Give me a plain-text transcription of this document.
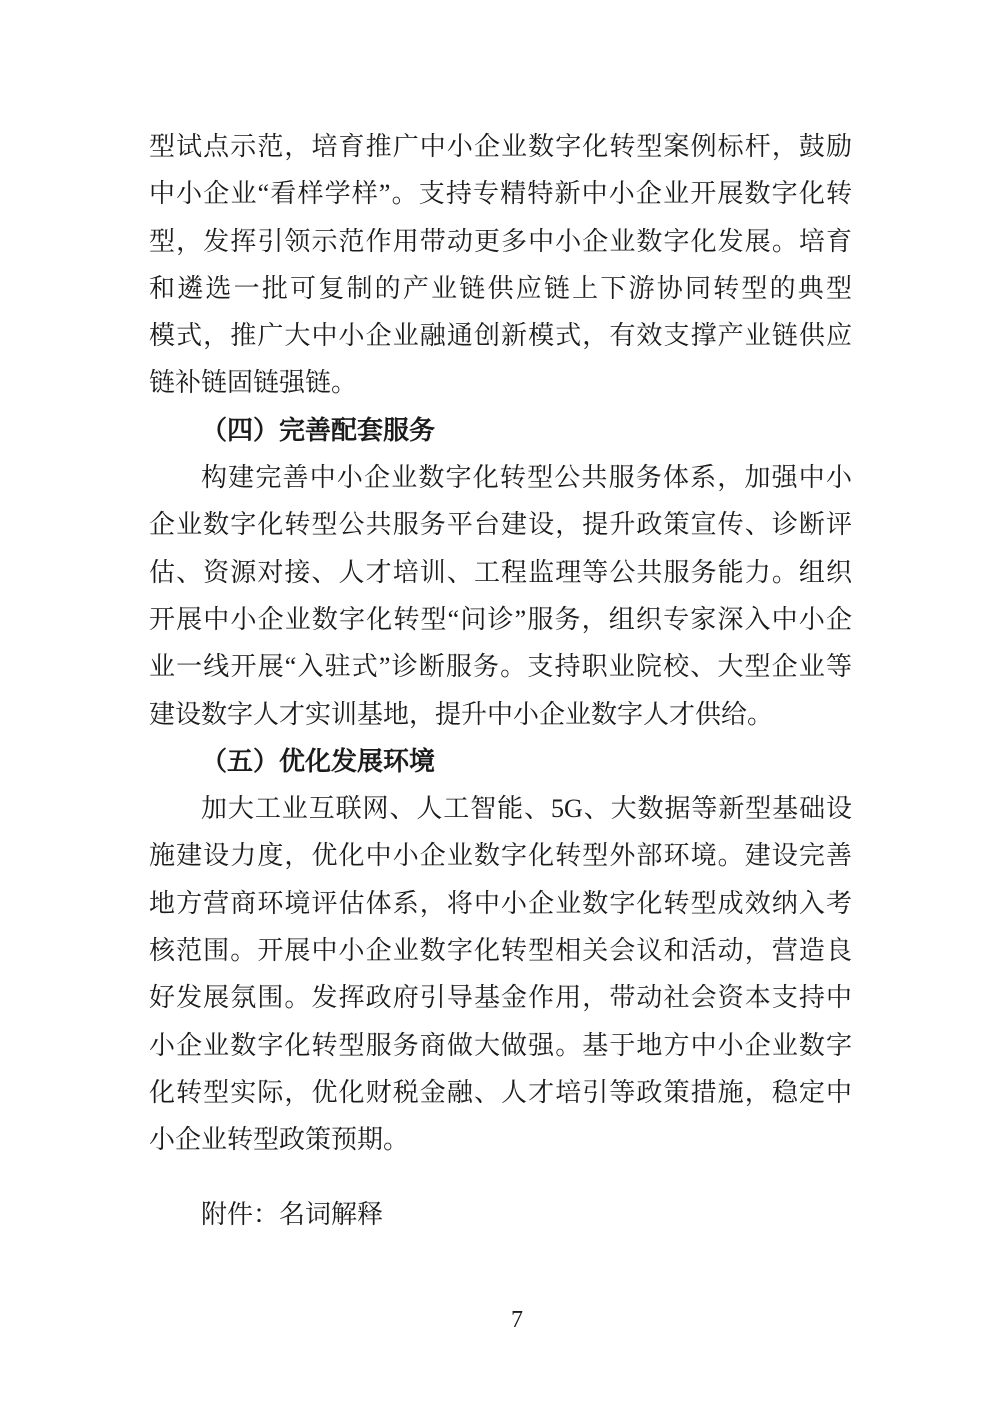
型试点示范，培育推广中小企业数字化转型案例标杆，鼓励

中小企业“看样学样”。支持专精特新中小企业开展数字化转

型，发挥引领示范作用带动更多中小企业数字化发展。培育

和遴选一批可复制的产业链供应链上下游协同转型的典型

模式，推广大中小企业融通创新模式，有效支撑产业链供应

链补链固链强链。

（四）完善配套服务

构建完善中小企业数字化转型公共服务体系，加强中小

企业数字化转型公共服务平台建设，提升政策宣传、诊断评

估、资源对接、人才培训、工程监理等公共服务能力。组织

开展中小企业数字化转型“问诊”服务，组织专家深入中小企

业一线开展“入驻式”诊断服务。支持职业院校、大型企业等

建设数字人才实训基地，提升中小企业数字人才供给。

（五）优化发展环境

加大工业互联网、人工智能、5G、大数据等新型基础设

施建设力度，优化中小企业数字化转型外部环境。建设完善

地方营商环境评估体系，将中小企业数字化转型成效纳入考

核范围。开展中小企业数字化转型相关会议和活动，营造良

好发展氛围。发挥政府引导基金作用，带动社会资本支持中

小企业数字化转型服务商做大做强。基于地方中小企业数字

化转型实际，优化财税金融、人才培引等政策措施，稳定中

小企业转型政策预期。

附件：名词解释

7
